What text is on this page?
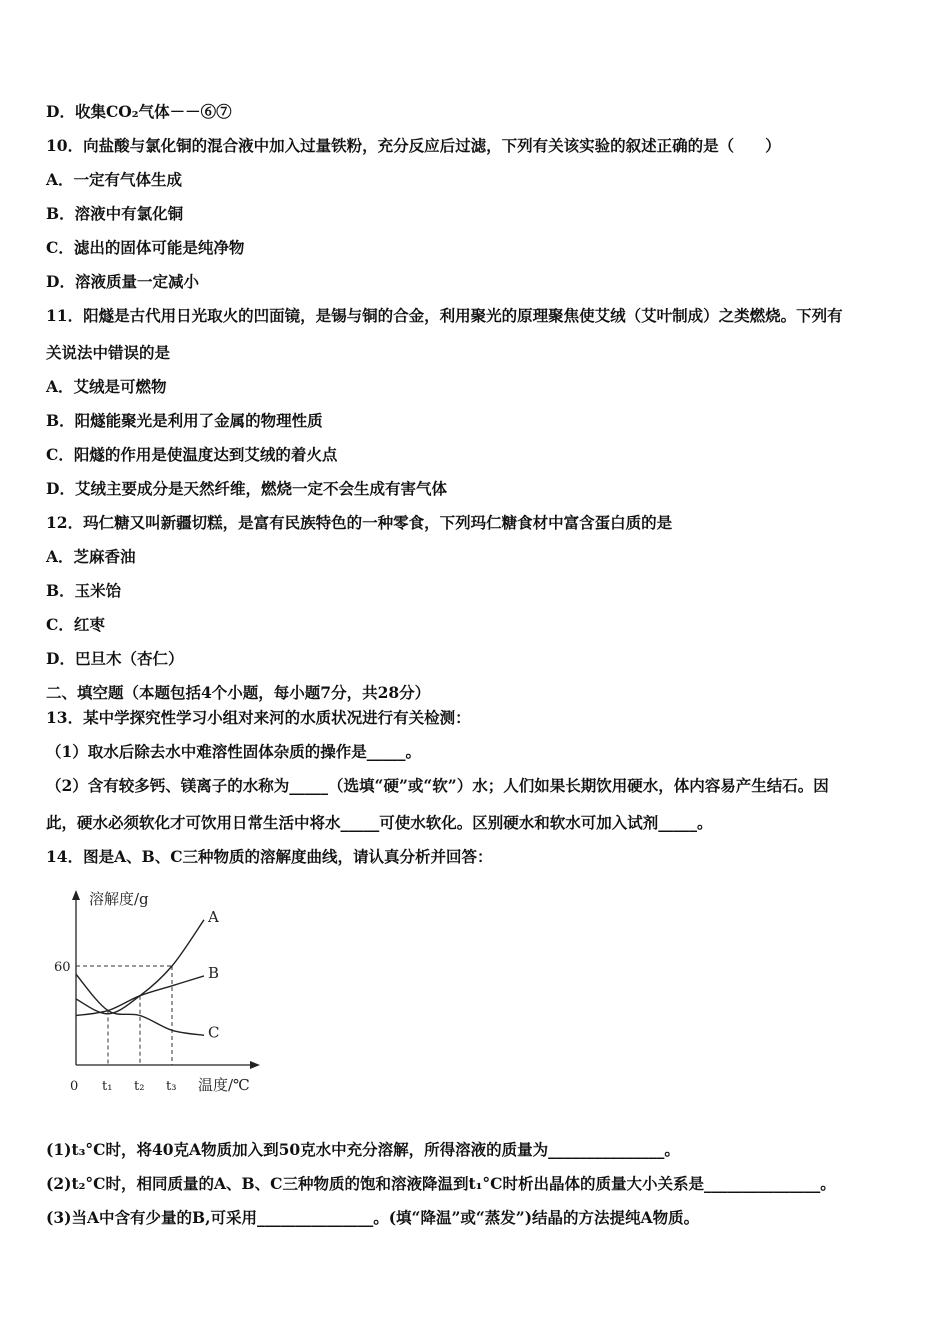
D．收集CO₂气体－－⑥⑦
10．向盐酸与氯化铜的混合液中加入过量铁粉，充分反应后过滤，下列有关该实验的叙述正确的是（　　）
A．一定有气体生成
B．溶液中有氯化铜
C．滤出的固体可能是纯净物
D．溶液质量一定减小
11．阳燧是古代用日光取火的凹面镜，是锡与铜的合金，利用聚光的原理聚焦使艾绒（艾叶制成）之类燃烧。下列有
关说法中错误的是
A．艾绒是可燃物
B．阳燧能聚光是利用了金属的物理性质
C．阳燧的作用是使温度达到艾绒的着火点
D．艾绒主要成分是天然纤维，燃烧一定不会生成有害气体
12．玛仁糖又叫新疆切糕，是富有民族特色的一种零食，下列玛仁糖食材中富含蛋白质的是
A．芝麻香油
B．玉米饴
C．红枣
D．巴旦木（杏仁）
二、填空题（本题包括4个小题，每小题7分，共28分）
13．某中学探究性学习小组对来河的水质状况进行有关检测：
（1）取水后除去水中难溶性固体杂质的操作是_____。
（2）含有较多钙、镁离子的水称为_____（选填“硬”或“软”）水；人们如果长期饮用硬水，体内容易产生结石。因
此，硬水必须软化才可饮用日常生活中将水_____可使水软化。区别硬水和软水可加入试剂_____。
14．图是A、B、C三种物质的溶解度曲线，请认真分析并回答：
溶解度/g
温度/℃
0
60
t₁ t₂ t₃
A
B
C
(1)t₃°C时，将40克A物质加入到50克水中充分溶解，所得溶液的质量为_______________。
(2)t₂°C时，相同质量的A、B、C三种物质的饱和溶液降温到t₁°C时析出晶体的质量大小关系是_______________。
(3)当A中含有少量的B,可采用_______________。(填“降温”或“蒸发”)结晶的方法提纯A物质。
